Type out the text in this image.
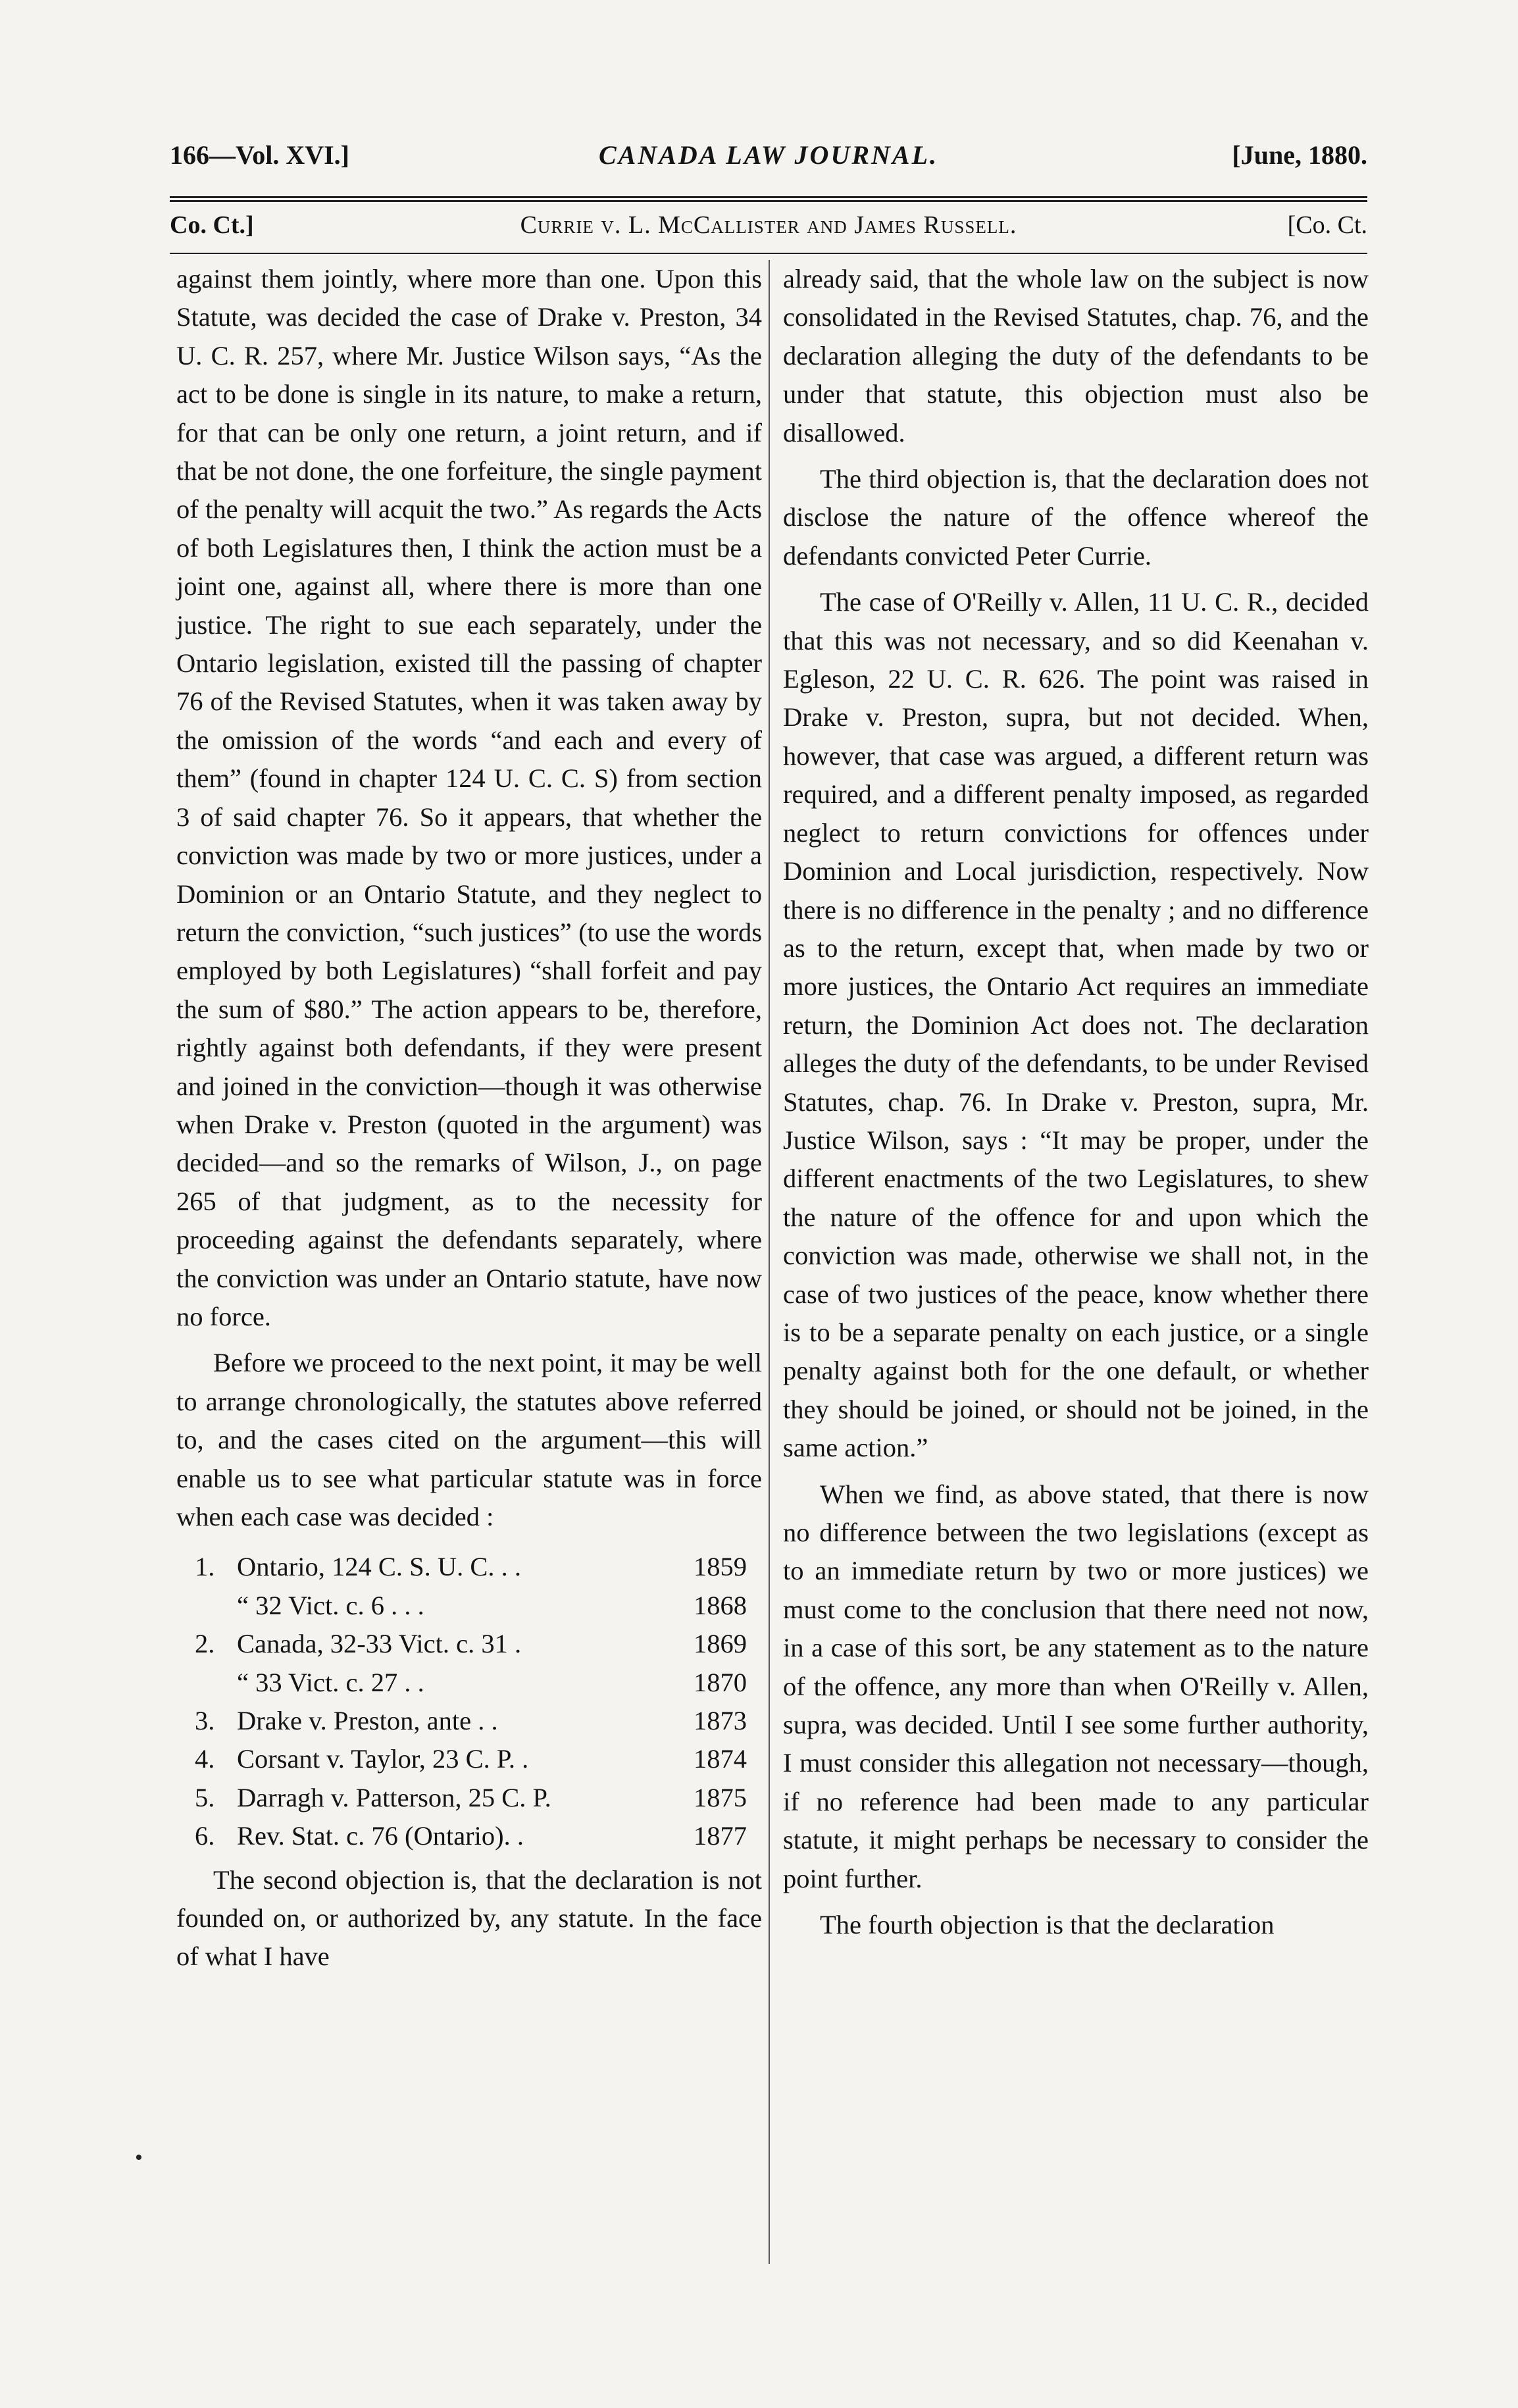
166—Vol. XVI.]	CANADA LAW JOURNAL.	[June, 1880.
Co. Ct.]	Currie v. L. McCallister and James Russell.	[Co. Ct.

against them jointly, where more than one. Upon this Statute, was decided the case of Drake v. Preston, 34 U. C. R. 257, where Mr. Justice Wilson says, “As the act to be done is single in its nature, to make a return, for that can be only one return, a joint return, and if that be not done, the one forfeiture, the single payment of the penalty will acquit the two.” As regards the Acts of both Legislatures then, I think the action must be a joint one, against all, where there is more than one justice. The right to sue each separately, under the Ontario legislation, existed till the passing of chapter 76 of the Revised Statutes, when it was taken away by the omission of the words “and each and every of them” (found in chapter 124 U. C. C. S) from section 3 of said chapter 76. So it appears, that whether the conviction was made by two or more justices, under a Dominion or an Ontario Statute, and they neglect to return the conviction, “such justices” (to use the words employed by both Legislatures) “shall forfeit and pay the sum of $80.” The action appears to be, therefore, rightly against both defendants, if they were present and joined in the conviction—though it was otherwise when Drake v. Preston (quoted in the argument) was decided—and so the remarks of Wilson, J., on page 265 of that judgment, as to the necessity for proceeding against the defendants separately, where the conviction was under an Ontario statute, have now no force.

Before we proceed to the next point, it may be well to arrange chronologically, the statutes above referred to, and the cases cited on the argument—this will enable us to see what particular statute was in force when each case was decided :

1.	Ontario, 124 C. S. U. C. . .	1859
	“ 32 Vict. c. 6 . . .	1868
2.	Canada, 32-33 Vict. c. 31 .	1869
	“ 33 Vict. c. 27 . .	1870
3.	Drake v. Preston, ante . .	1873
4.	Corsant v. Taylor, 23 C. P. .	1874
5.	Darragh v. Patterson, 25 C. P.	1875
6.	Rev. Stat. c. 76 (Ontario). .	1877

The second objection is, that the declaration is not founded on, or authorized by, any statute. In the face of what I have

already said, that the whole law on the subject is now consolidated in the Revised Statutes, chap. 76, and the declaration alleging the duty of the defendants to be under that statute, this objection must also be disallowed.

The third objection is, that the declaration does not disclose the nature of the offence whereof the defendants convicted Peter Currie.

The case of O'Reilly v. Allen, 11 U. C. R., decided that this was not necessary, and so did Keenahan v. Egleson, 22 U. C. R. 626. The point was raised in Drake v. Preston, supra, but not decided. When, however, that case was argued, a different return was required, and a different penalty imposed, as regarded neglect to return convictions for offences under Dominion and Local jurisdiction, respectively. Now there is no difference in the penalty ; and no difference as to the return, except that, when made by two or more justices, the Ontario Act requires an immediate return, the Dominion Act does not. The declaration alleges the duty of the defendants, to be under Revised Statutes, chap. 76. In Drake v. Preston, supra, Mr. Justice Wilson, says : “It may be proper, under the different enactments of the two Legislatures, to shew the nature of the offence for and upon which the conviction was made, otherwise we shall not, in the case of two justices of the peace, know whether there is to be a separate penalty on each justice, or a single penalty against both for the one default, or whether they should be joined, or should not be joined, in the same action.”

When we find, as above stated, that there is now no difference between the two legislations (except as to an immediate return by two or more justices) we must come to the conclusion that there need not now, in a case of this sort, be any statement as to the nature of the offence, any more than when O'Reilly v. Allen, supra, was decided. Until I see some further authority, I must consider this allegation not necessary—though, if no reference had been made to any particular statute, it might perhaps be necessary to consider the point further.

The fourth objection is that the declaration

•
